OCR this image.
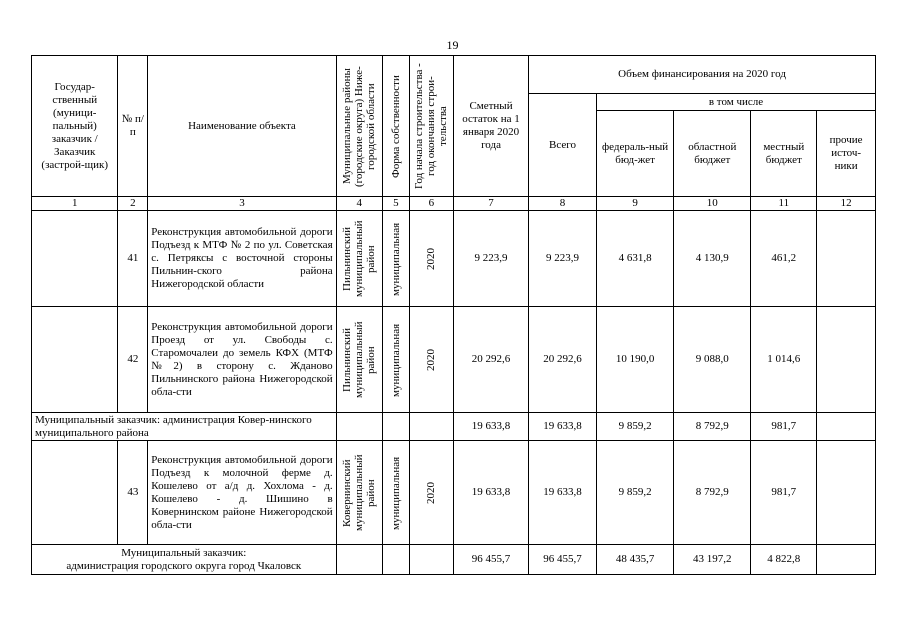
19
Государ-ственный (муници-пальный) заказчик / Заказчик (застрой-щик)	№ п/п	Наименование объекта	Муниципальные районы (городские округа) Ниже-городской области	Форма собственности	Год начала строительства - год окончания строи-тельства	Сметный остаток на 1 января 2020 года	Объем финансирования на 2020 год				
							Всего	в том числе			
								федераль-ный бюд-жет	областной бюджет	местный бюджет	прочие источ-ники
1	2	3	4	5	6	7	8	9	10	11	12
	41	Реконструкция автомобильной дороги Подъезд к МТФ № 2 по ул. Советская с. Петряксы с восточной стороны Пильнин-ского района Нижегородской области	Пильнинский муниципальный район	муниципальная	2020	9 223,9	9 223,9	4 631,8	4 130,9	461,2	
	42	Реконструкция автомобильной дороги Проезд от ул. Свободы с. Старомочалеи до земель КФХ (МТФ №2) в сторону с. Жданово Пильнинского района Нижегородской обла-сти	Пильнинский муниципальный район	муниципальная	2020	20 292,6	20 292,6	10 190,0	9 088,0	1 014,6	
Муниципальный заказчик: администрация Ковер-нинского муниципального района						19 633,8	19 633,8	9 859,2	8 792,9	981,7	
	43	Реконструкция автомобильной дороги Подъезд к молочной ферме д. Кошелево от а/д д. Хохлома - д. Кошелево - д. Шишино в Ковернинском районе Нижегородской обла-сти	Ковернинский муниципальный район	муниципальная	2020	19 633,8	19 633,8	9 859,2	8 792,9	981,7	

Муниципальный заказчик:
администрация городского округа город Чкаловск						96 455,7	96 455,7	48 435,7	43 197,2	4 822,8	
